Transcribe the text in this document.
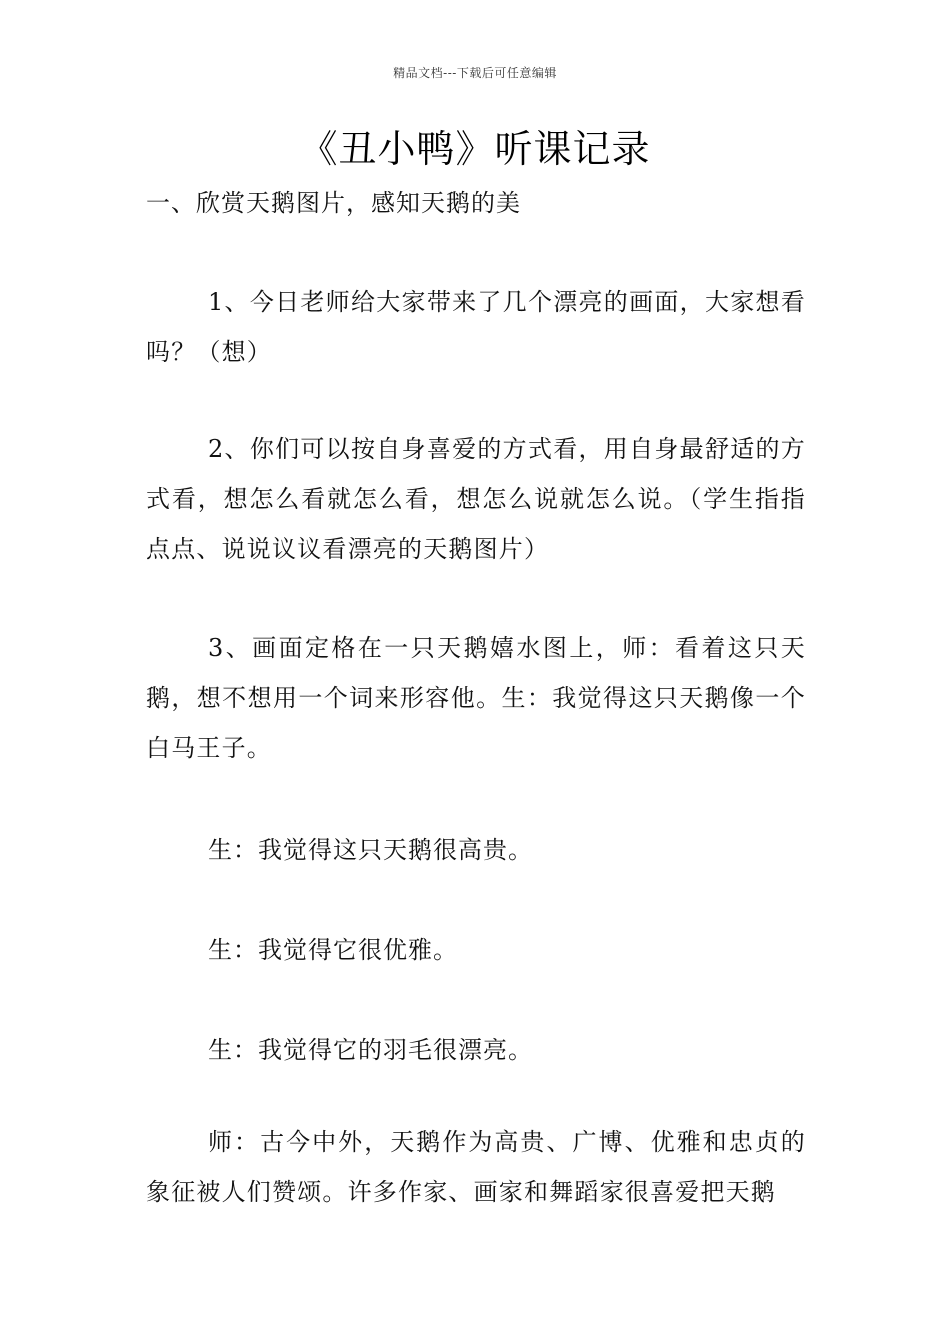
精品文档---下载后可任意编辑
《丑小鸭》听课记录
一、欣赏天鹅图片，感知天鹅的美
1、今日老师给大家带来了几个漂亮的画面，大家想看吗？（想）
2、你们可以按自身喜爱的方式看，用自身最舒适的方式看，想怎么看就怎么看，想怎么说就怎么说。（学生指指点点、说说议议看漂亮的天鹅图片）
3、画面定格在一只天鹅嬉水图上，师：看着这只天鹅，想不想用一个词来形容他。生：我觉得这只天鹅像一个白马王子。
生：我觉得这只天鹅很高贵。
生：我觉得它很优雅。
生：我觉得它的羽毛很漂亮。
师：古今中外，天鹅作为高贵、广博、优雅和忠贞的象征被人们赞颂。许多作家、画家和舞蹈家很喜爱把天鹅
